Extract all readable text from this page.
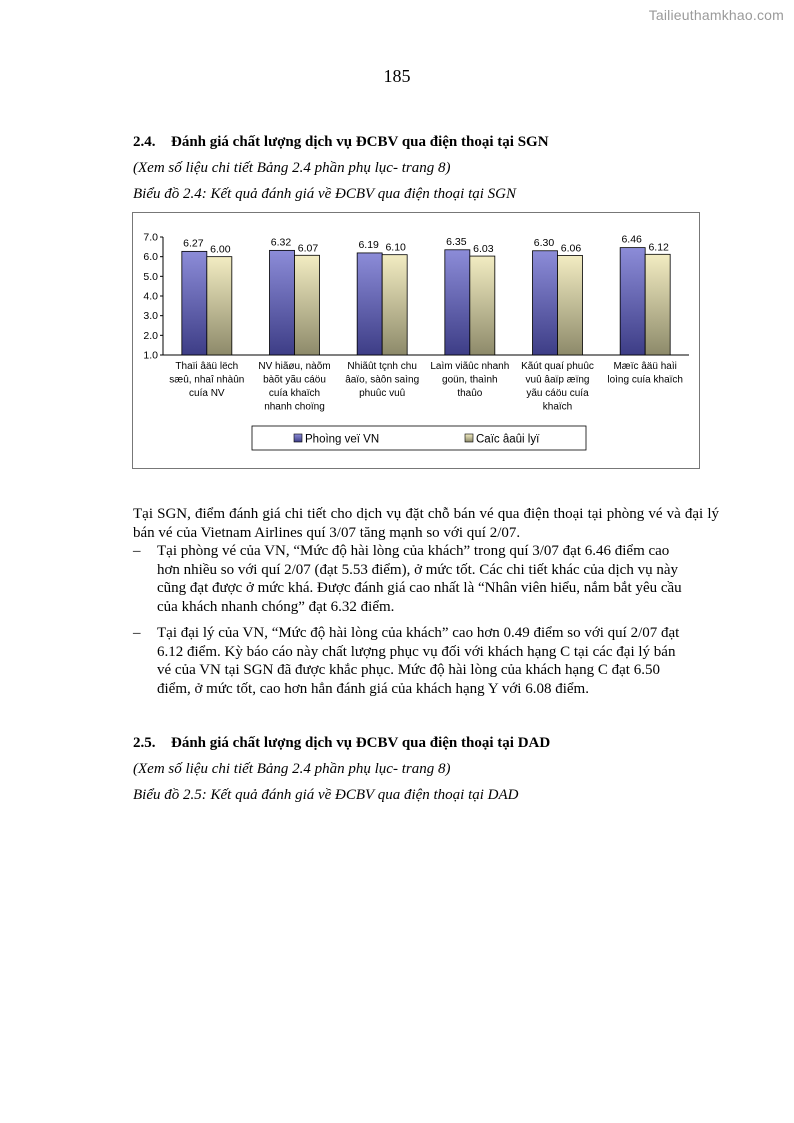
Tailieuthamkhao.com
185
2.4. Đánh giá chất lượng dịch vụ ĐCBV qua điện thoại tại SGN
(Xem số liệu chi tiết Bảng 2.4 phần phụ lục- trang 8)
Biểu đồ 2.4: Kết quả đánh giá về ĐCBV qua điện thoại tại SGN
7.0
6.0
5.0
4.0
3.0
2.0
1.0
6.27
6.00
Thaïi âäü lëch
sæû, nhaî nhàûn
cuía NV
6.32 6.07
NV hiãøu, nàõm
bàõt yãu cáöu
cuía khaïch
nhanh choïng
6.19 6.10
Nhiãût tçnh chu
âaïo, sàôn saìng
phuûc vuû
6.35
6.03
Laìm viãûc nhanh
goün, thaình
thaûo
6.30 6.06
Kãút quaí phuûc
vuû âaïp æïng
yãu cáöu cuía
khaïch
6.46
6.12
Mæïc âäü haìi
loìng cuía khaïch
Phoìng veï VN	Caïc âaûi lyï
Tại SGN, điểm đánh giá chi tiết cho dịch vụ đặt chỗ bán vé qua điện thoại tại phòng vé và đại lý bán vé của Vietnam Airlines quí 3/07 tăng mạnh so với quí 2/07.
– Tại phòng vé của VN, “Mức độ hài lòng của khách” trong quí 3/07 đạt 6.46 điểm cao
hơn nhiều so với quí 2/07 (đạt 5.53 điểm), ở mức tốt. Các chi tiết khác của dịch vụ này
cũng đạt được ở mức khá. Được đánh giá cao nhất là “Nhân viên hiểu, nắm bắt yêu cầu
của khách nhanh chóng” đạt 6.32 điểm.
– Tại đại lý của VN, “Mức độ hài lòng của khách” cao hơn 0.49 điểm so với quí 2/07 đạt
6.12 điểm. Kỳ báo cáo này chất lượng phục vụ đối với khách hạng C tại các đại lý bán
vé của VN tại SGN đã được khắc phục. Mức độ hài lòng của khách hạng C đạt 6.50
điểm, ở mức tốt, cao hơn hẳn đánh giá của khách hạng Y với 6.08 điểm.
2.5. Đánh giá chất lượng dịch vụ ĐCBV qua điện thoại tại DAD
(Xem số liệu chi tiết Bảng 2.4 phần phụ lục- trang 8)
Biểu đồ 2.5: Kết quả đánh giá về ĐCBV qua điện thoại tại DAD
